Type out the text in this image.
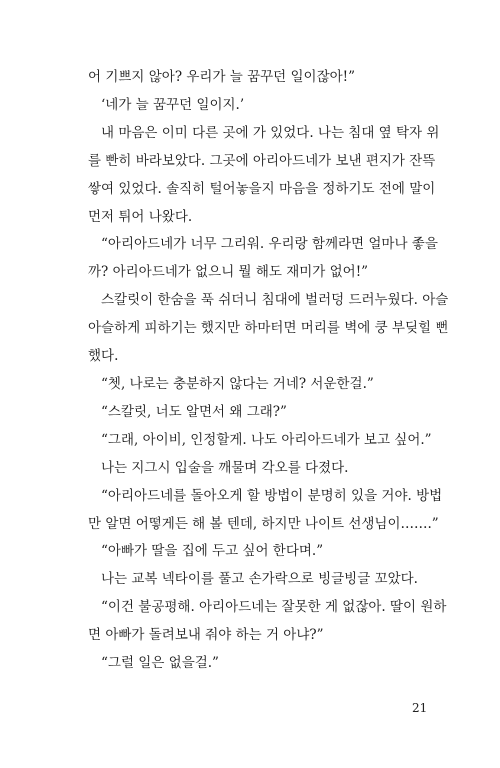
어 기쁘지 않아? 우리가 늘 꿈꾸던 일이잖아!”
‘네가 늘 꿈꾸던 일이지.’
내 마음은 이미 다른 곳에 가 있었다. 나는 침대 옆 탁자 위
를 빤히 바라보았다. 그곳에 아리아드네가 보낸 편지가 잔뜩
쌓여 있었다. 솔직히 털어놓을지 마음을 정하기도 전에 말이
먼저 튀어 나왔다.
“아리아드네가 너무 그리워. 우리랑 함께라면 얼마나 좋을
까? 아리아드네가 없으니 뭘 해도 재미가 없어!”
스칼릿이 한숨을 푹 쉬더니 침대에 벌러덩 드러누웠다. 아슬
아슬하게 피하기는 했지만 하마터면 머리를 벽에 쿵 부딪힐 뻔
했다.
“쳇, 나로는 충분하지 않다는 거네? 서운한걸.”
“스칼릿, 너도 알면서 왜 그래?”
“그래, 아이비, 인정할게. 나도 아리아드네가 보고 싶어.”
나는 지그시 입술을 깨물며 각오를 다졌다.
“아리아드네를 돌아오게 할 방법이 분명히 있을 거야. 방법
만 알면 어떻게든 해 볼 텐데, 하지만 나이트 선생님이…….”
“아빠가 딸을 집에 두고 싶어 한다며.”
나는 교복 넥타이를 풀고 손가락으로 빙글빙글 꼬았다.
“이건 불공평해. 아리아드네는 잘못한 게 없잖아. 딸이 원하
면 아빠가 돌려보내 줘야 하는 거 아냐?”
“그럴 일은 없을걸.”
21
